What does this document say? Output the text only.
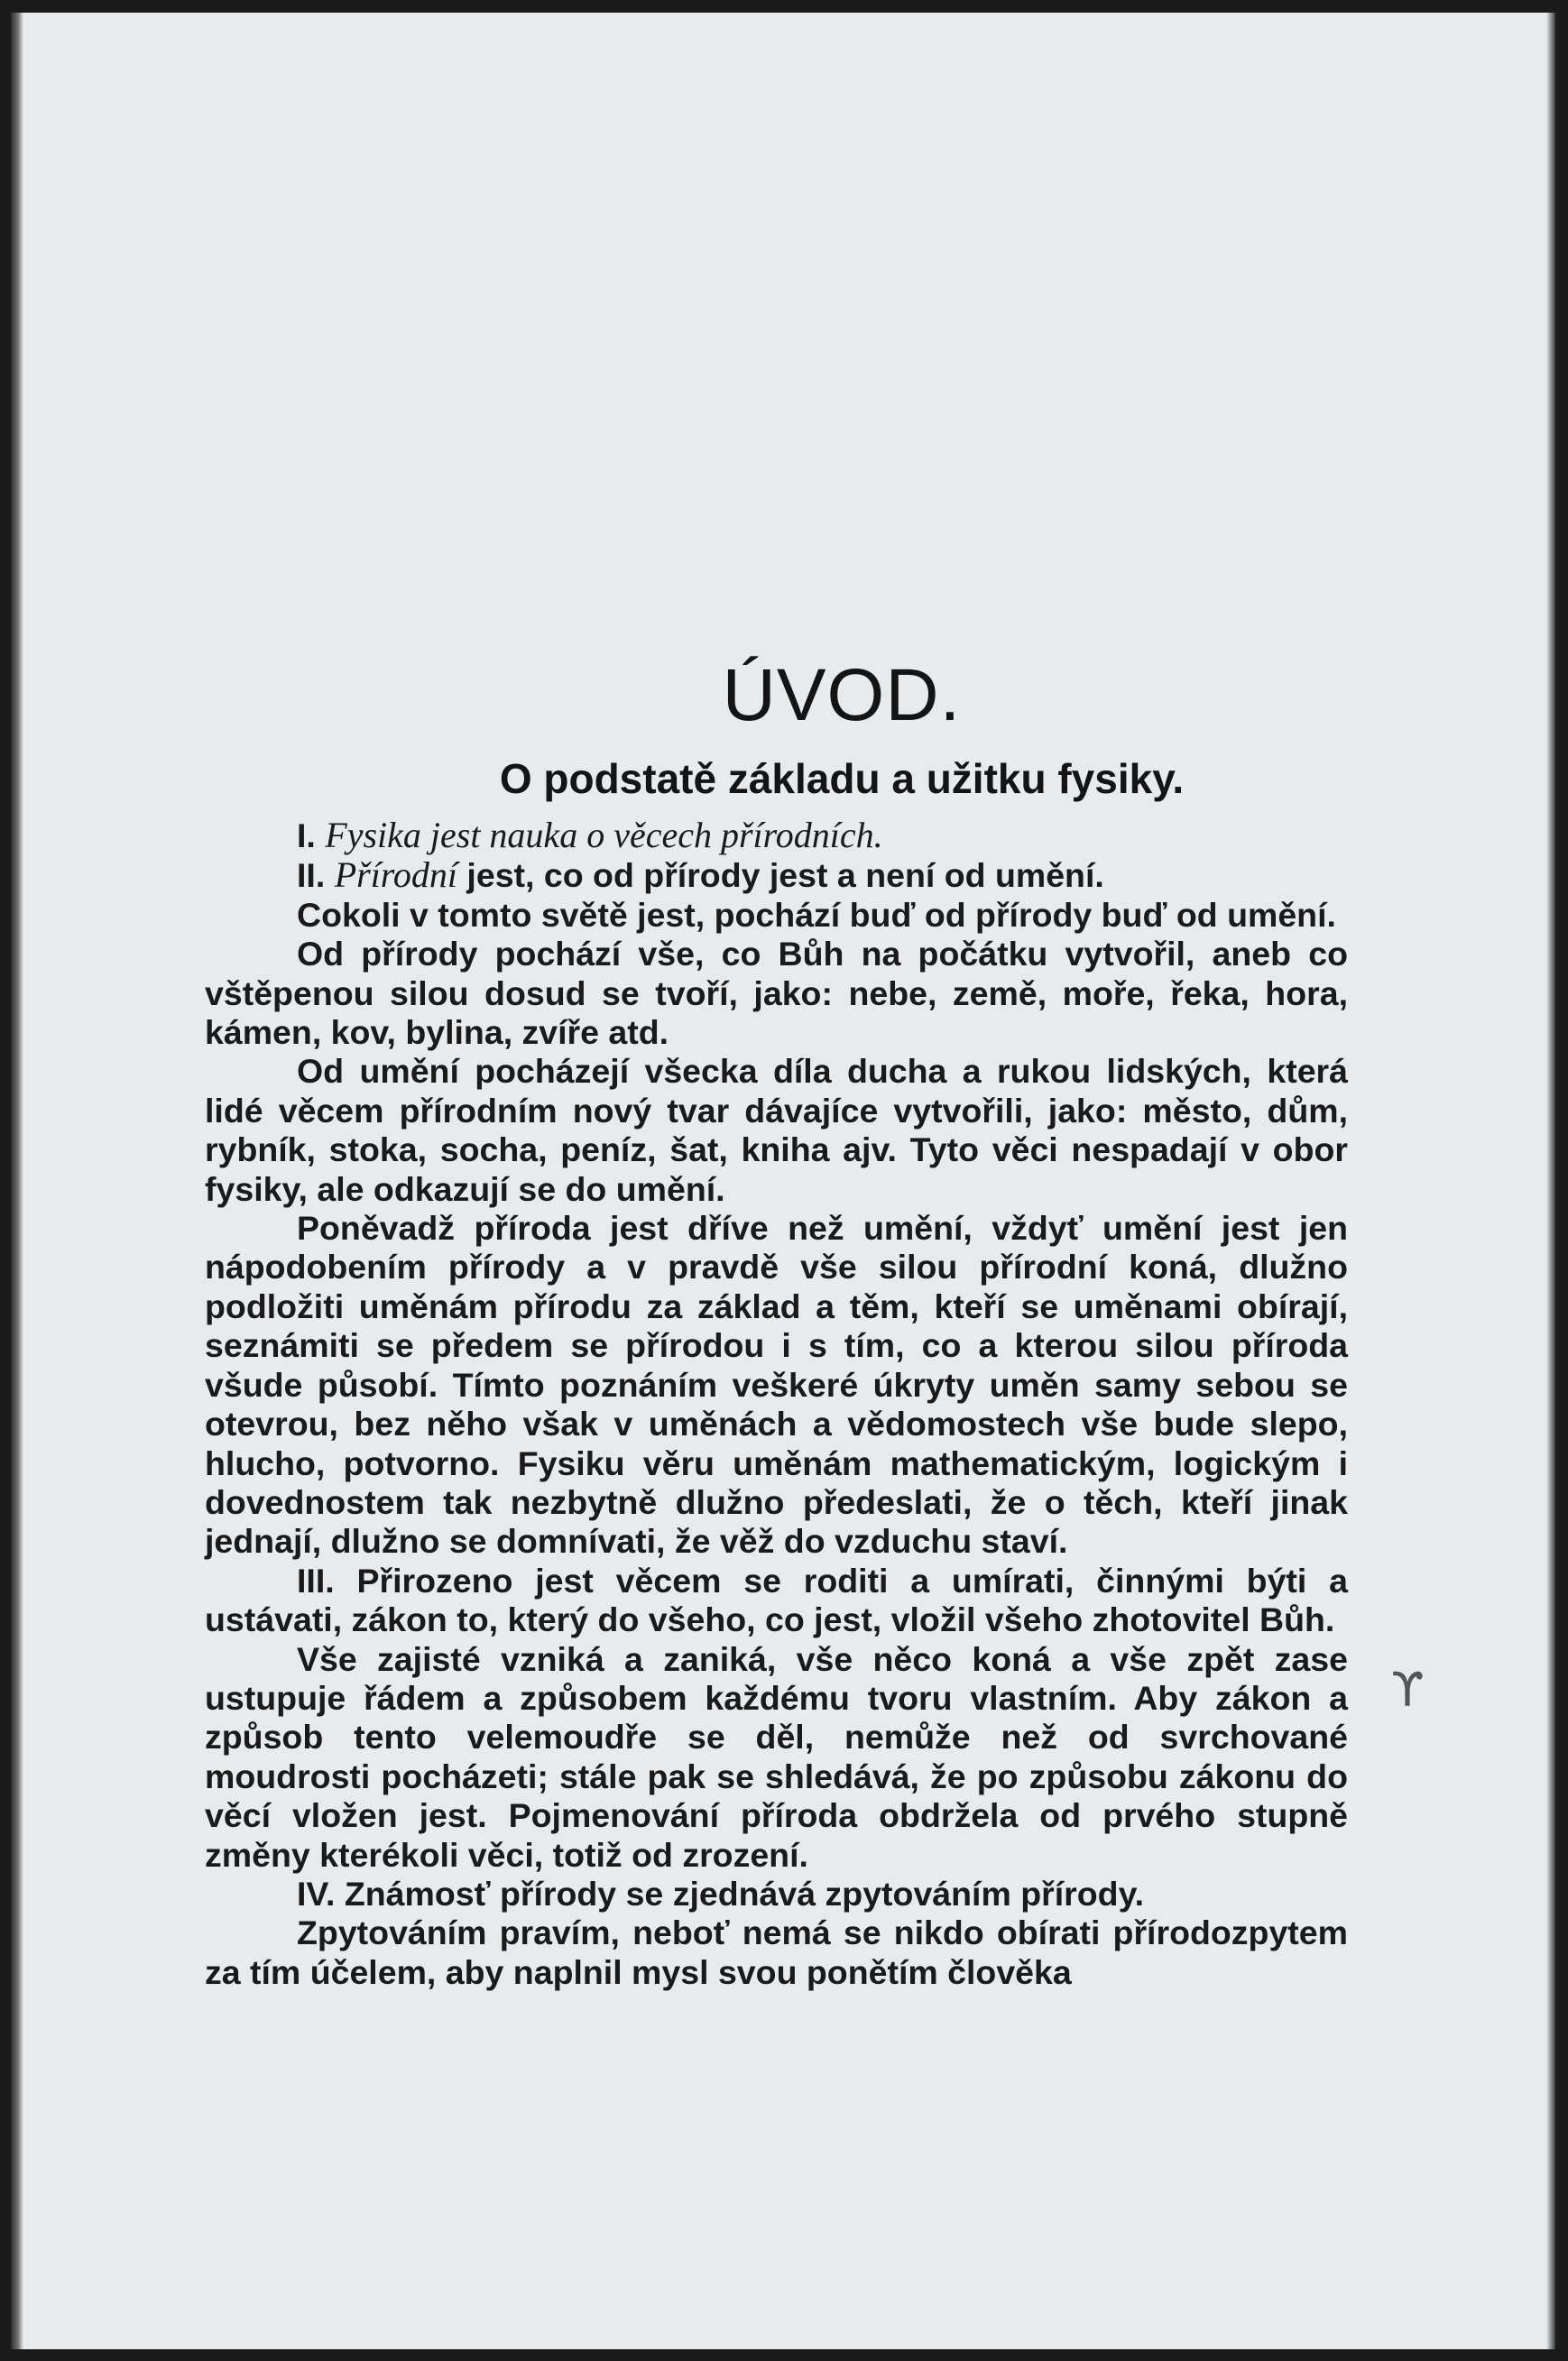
ÚVOD.
O podstatě základu a užitku fysiky.

I. Fysika jest nauka o věcech přírodních.

II. Přírodní jest, co od přírody jest a není od umění.

Cokoli v tomto světě jest, pochází buď od přírody buď od umění.

Od přírody pochází vše, co Bůh na počátku vytvořil, aneb co vštěpenou silou dosud se tvoří, jako: nebe, země, moře, řeka, hora, kámen, kov, bylina, zvíře atd.

Od umění pocházejí všecka díla ducha a rukou lidských, která lidé věcem přírodním nový tvar dávajíce vytvořili, jako: město, dům, rybník, stoka, socha, peníz, šat, kniha ajv. Tyto věci nespadají v obor fysiky, ale odkazují se do umění.

Poněvadž příroda jest dříve než umění, vždyť umění jest jen nápodobením přírody a v pravdě vše silou přírodní koná, dlužno podložiti uměnám přírodu za základ a těm, kteří se uměnami obírají, seznámiti se předem se přírodou i s tím, co a kterou silou příroda všude působí. Tímto poznáním veškeré úkryty uměn samy sebou se otevrou, bez něho však v uměnách a vědomostech vše bude slepo, hlucho, potvorno. Fysiku věru uměnám mathematickým, logickým i dovednostem tak nezbytně dlužno předeslati, že o těch, kteří jinak jednají, dlužno se domnívati, že věž do vzduchu staví.

III. Přirozeno jest věcem se roditi a umírati, činnými býti a ustávati, zákon to, který do všeho, co jest, vložil všeho zhotovitel Bůh.

Vše zajisté vzniká a zaniká, vše něco koná a vše zpět zase ustupuje řádem a způsobem každému tvoru vlastním. Aby zákon a způsob tento velemoudře se děl, nemůže než od svrchované moudrosti pocházeti; stále pak se shledává, že po způsobu zákonu do věcí vložen jest. Pojmenování příroda obdržela od prvého stupně změny kterékoli věci, totiž od zrození.

IV. Známosť přírody se zjednává zpytováním přírody.

Zpytováním pravím, neboť nemá se nikdo obírati přírodozpytem za tím účelem, aby naplnil mysl svou ponětím člověka

ϒ
